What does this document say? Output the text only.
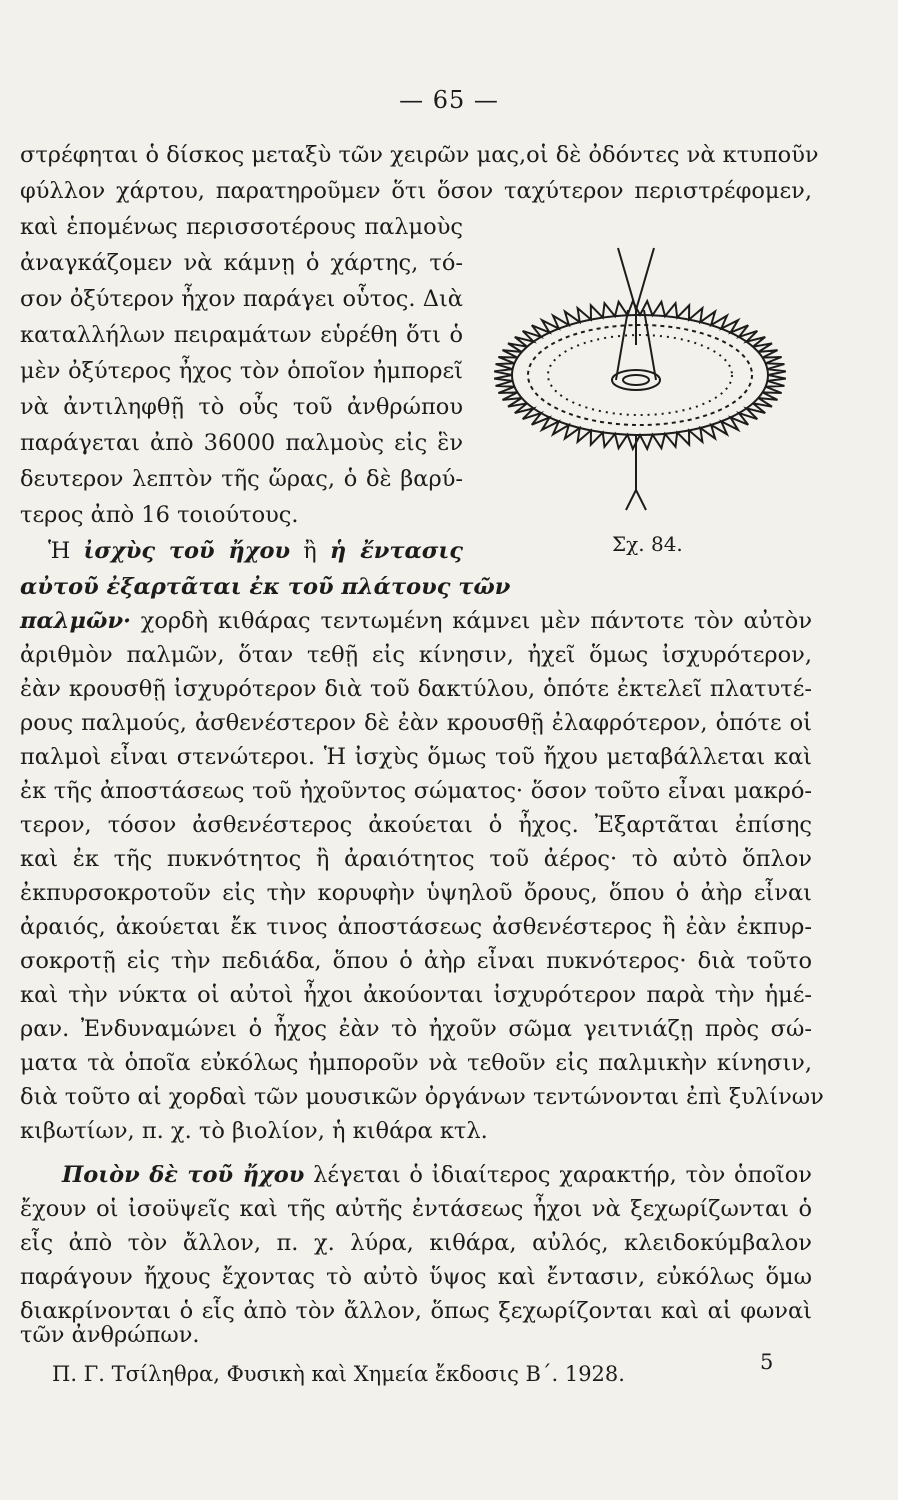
— 65 —
στρέφηται ὁ δίσκος μεταξὺ τῶν χειρῶν μας,οἱ δὲ ὀδόντες νὰ κτυποῦν
φύλλον χάρτου, παρατηροῦμεν ὅτι ὅσον ταχύτερον περιστρέφομεν,
καὶ ἑπομένως περισσοτέρους παλμοὺς
ἀναγκάζομεν νὰ κάμνῃ ὁ χάρτης, τό-
σον ὀξύτερον ἦχον παράγει οὗτος. Διὰ
καταλλήλων πειραμάτων εὑρέθη ὅτι ὁ
μὲν ὀξύτερος ἦχος τὸν ὁποῖον ἠμπορεῖ
νὰ ἀντιληφθῇ τὸ οὖς τοῦ ἀνθρώπου
παράγεται ἀπὸ 36000 παλμοὺς εἰς ἓν
δευτερον λεπτὸν τῆς ὥρας, ὁ δὲ βαρύ-
τερος ἀπὸ 16 τοιούτους.
Σχ. 84.
Ἡ ἰσχὺς τοῦ ἤχου ἢ ἡ ἔντασις
αὐτοῦ ἐξαρτᾶται ἐκ τοῦ πλάτους τῶν
παλμῶν· χορδὴ κιθάρας τεντωμένη κάμνει μὲν πάντοτε τὸν αὐτὸν
ἀριθμὸν παλμῶν, ὅταν τεθῇ εἰς κίνησιν, ἠχεῖ ὅμως ἰσχυρότερον,
ἐὰν κρουσθῇ ἰσχυρότερον διὰ τοῦ δακτύλου, ὁπότε ἐκτελεῖ πλατυτέ-
ρους παλμούς, ἀσθενέστερον δὲ ἐὰν κρουσθῇ ἐλαφρότερον, ὁπότε οἱ
παλμοὶ εἶναι στενώτεροι. Ἡ ἰσχὺς ὅμως τοῦ ἤχου μεταβάλλεται καὶ
ἐκ τῆς ἀποστάσεως τοῦ ἠχοῦντος σώματος· ὅσον τοῦτο εἶναι μακρό-
τερον, τόσον ἀσθενέστερος ἀκούεται ὁ ἦχος. Ἐξαρτᾶται ἐπίσης
καὶ ἐκ τῆς πυκνότητος ἢ ἀραιότητος τοῦ ἀέρος· τὸ αὐτὸ ὅπλον
ἐκπυρσοκροτοῦν εἰς τὴν κορυφὴν ὑψηλοῦ ὄρους, ὅπου ὁ ἀὴρ εἶναι
ἀραιός, ἀκούεται ἔκ τινος ἀποστάσεως ἀσθενέστερος ἢ ἐὰν ἐκπυρ-
σοκροτῇ εἰς τὴν πεδιάδα, ὅπου ὁ ἀὴρ εἶναι πυκνότερος· διὰ τοῦτο
καὶ τὴν νύκτα οἱ αὐτοὶ ἦχοι ἀκούονται ἰσχυρότερον παρὰ τὴν ἡμέ-
ραν. Ἐνδυναμώνει ὁ ἦχος ἐὰν τὸ ἠχοῦν σῶμα γειτνιάζῃ πρὸς σώ-
ματα τὰ ὁποῖα εὐκόλως ἠμποροῦν νὰ τεθοῦν εἰς παλμικὴν κίνησιν,
διὰ τοῦτο αἱ χορδαὶ τῶν μουσικῶν ὀργάνων τεντώνονται ἐπὶ ξυλίνων
κιβωτίων, π. χ. τὸ βιολίον, ἡ κιθάρα κτλ.
Ποιὸν δὲ τοῦ ἤχου λέγεται ὁ ἰδιαίτερος χαρακτήρ, τὸν ὁποῖον
ἔχουν οἱ ἰσοϋψεῖς καὶ τῆς αὐτῆς ἐντάσεως ἦχοι νὰ ξεχωρίζωνται ὁ
εἷς ἀπὸ τὸν ἄλλον, π. χ. λύρα, κιθάρα, αὐλός, κλειδοκύμβαλον
παράγουν ἤχους ἔχοντας τὸ αὐτὸ ὕψος καὶ ἔντασιν, εὐκόλως ὅμω
διακρίνονται ὁ εἷς ἀπὸ τὸν ἄλλον, ὅπως ξεχωρίζονται καὶ αἱ φωναὶ
Π. Γ. Τσίληθρα, Φυσικὴ καὶ Χημεία ἔκδοσις Β΄. 1928.	5
τῶν ἀνθρώπων.
